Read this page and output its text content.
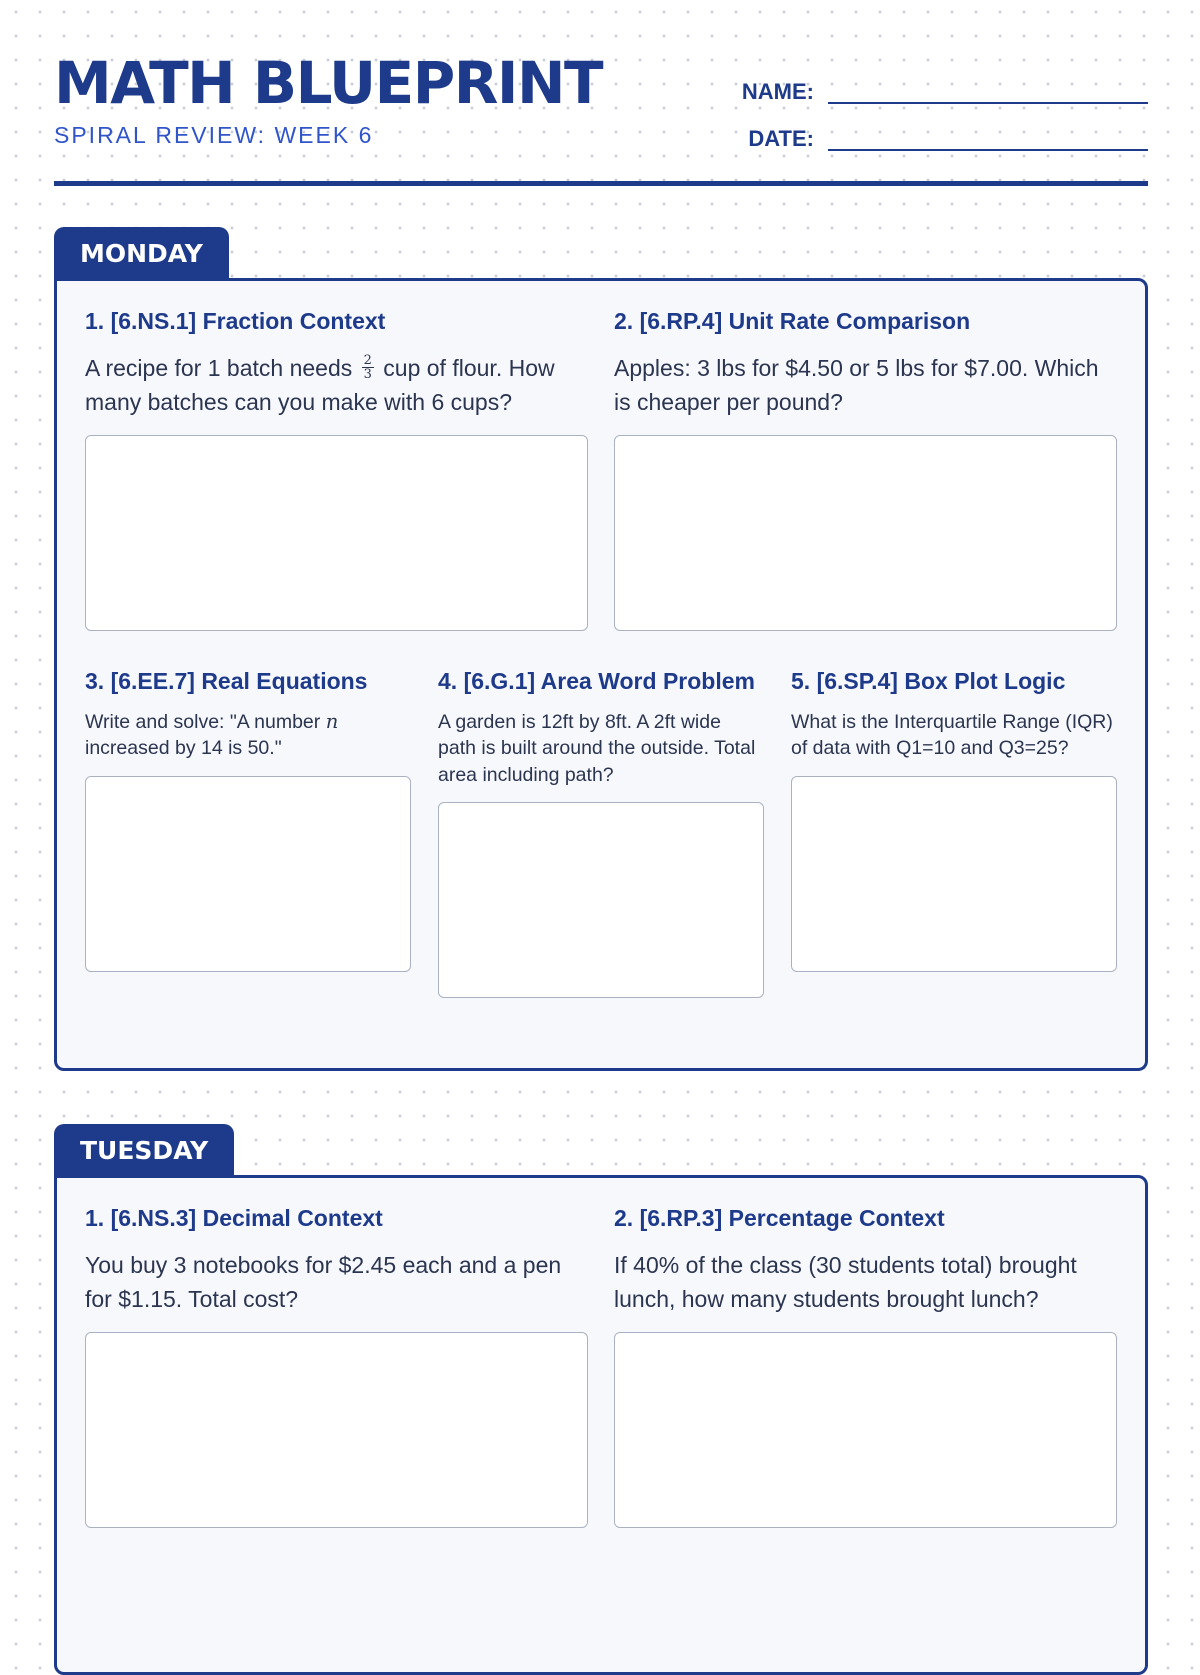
MATH BLUEPRINT
SPIRAL REVIEW: WEEK 6
NAME:
DATE:
MONDAY
1. [6.NS.1] Fraction Context
A recipe for 1 batch needs $\frac{2}{3}$ cup of flour. How many batches can you make with 6 cups?
2. [6.RP.4] Unit Rate Comparison
Apples: 3 lbs for $4.50 or 5 lbs for $7.00. Which is cheaper per pound?
3. [6.EE.7] Real Equations
Write and solve: "A number n increased by 14 is 50."
4. [6.G.1] Area Word Problem
A garden is 12ft by 8ft. A 2ft wide path is built around the outside. Total area including path?
5. [6.SP.4] Box Plot Logic
What is the Interquartile Range (IQR) of data with Q1=10 and Q3=25?
TUESDAY
1. [6.NS.3] Decimal Context
You buy 3 notebooks for $2.45 each and a pen for $1.15. Total cost?
2. [6.RP.3] Percentage Context
If 40% of the class (30 students total) brought lunch, how many students brought lunch?
